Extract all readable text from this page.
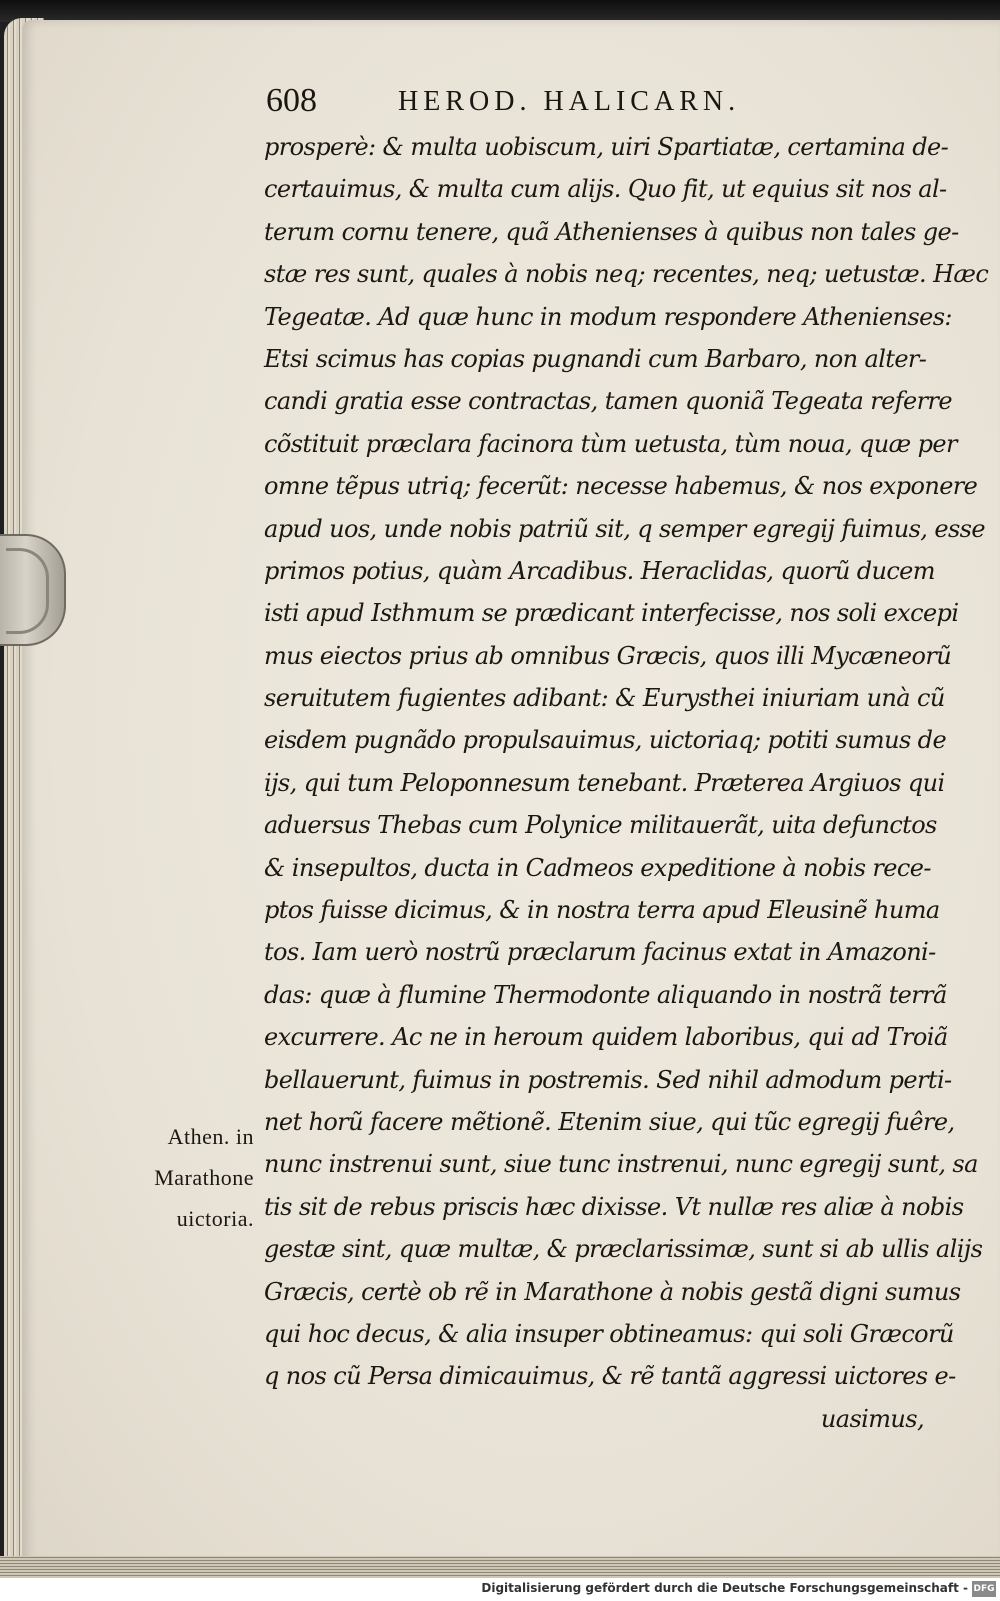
608	HEROD. HALICARN.
prosperè: & multa uobiscum, uiri Spartiatæ, certamina de-
certauimus, & multa cum alijs. Quo fit, ut equius sit nos al-
terum cornu tenere, quã Athenienses à quibus non tales ge-
stæ res sunt, quales à nobis neq; recentes, neq; uetustæ. Hæc
Tegeatæ. Ad quæ hunc in modum respondere Athenienses:
Etsi scimus has copias pugnandi cum Barbaro, non alter-
candi gratia esse contractas, tamen quoniã Tegeata referre
cõstituit præclara facinora tùm uetusta, tùm noua, quæ per
omne tẽpus utriq; fecerũt: necesse habemus, & nos exponere
apud uos, unde nobis patriũ sit, q semper egregij fuimus, esse
primos potius, quàm Arcadibus. Heraclidas, quorũ ducem
isti apud Isthmum se prædicant interfecisse, nos soli excepi
mus eiectos prius ab omnibus Græcis, quos illi Mycæneorũ
seruitutem fugientes adibant: & Eurysthei iniuriam unà cũ
eisdem pugnãdo propulsauimus, uictoriaq; potiti sumus de
ijs, qui tum Peloponnesum tenebant. Præterea Argiuos qui
aduersus Thebas cum Polynice militauerãt, uita defunctos
& insepultos, ducta in Cadmeos expeditione à nobis rece-
ptos fuisse dicimus, & in nostra terra apud Eleusinẽ huma
tos. Iam uerò nostrũ præclarum facinus extat in Amazoni-
das: quæ à flumine Thermodonte aliquando in nostrã terrã
excurrere. Ac ne in heroum quidem laboribus, qui ad Troiã
bellauerunt, fuimus in postremis. Sed nihil admodum perti-
net horũ facere mẽtionẽ. Etenim siue, qui tũc egregij fuêre,
nunc instrenui sunt, siue tunc instrenui, nunc egregij sunt, sa
tis sit de rebus priscis hæc dixisse. Vt nullæ res aliæ à nobis
gestæ sint, quæ multæ, & præclarissimæ, sunt si ab ullis alijs
Græcis, certè ob rẽ in Marathone à nobis gestã digni sumus
qui hoc decus, & alia insuper obtineamus: qui soli Græcorũ
q nos cũ Persa dimicauimus, & rẽ tantã aggressi uictores e-
uasimus,
Athen. in
Marathone
uictoria.
Digitalisierung gefördert durch die Deutsche Forschungsgemeinschaft - DFG
